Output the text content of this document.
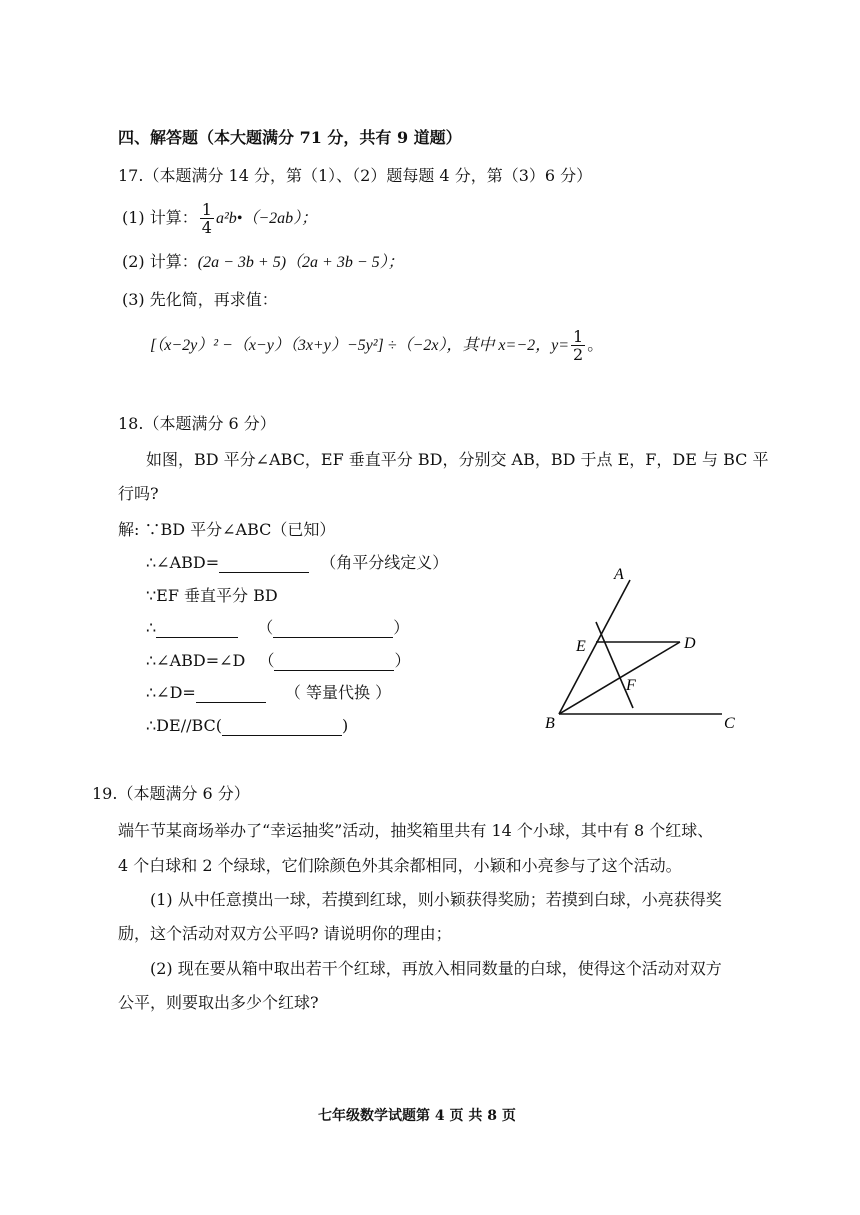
四、解答题（本大题满分 71 分，共有 9 道题）
17.（本题满分 14 分，第（1）、（2）题每题 4 分，第（3）6 分）
(1) 计算： $\frac{1}{4}$ a²b•（−2ab）；
(2) 计算：(2a − 3b + 5)（2a + 3b − 5）；
(3) 先化简，再求值：
[（x−2y）² −（x−y）（3x+y）−5y²] ÷（−2x），其中 x=−2，$y= \frac{1}{2}$ 。
18.（本题满分 6 分）
如图，BD 平分∠ABC，EF 垂直平分 BD，分别交 AB，BD 于点 E，F，DE 与 BC 平
行吗?
解: ∵BD 平分∠ABC（已知）
∴∠ABD=	（角平分线定义）
∵EF 垂直平分 BD
∴	（	）
∴∠ABD=∠D （	）
∴∠D=	（ 等量代换 ）
∴DE//BC(	)
A
D
E
F
B	C
19.（本题满分 6 分）
端午节某商场举办了“幸运抽奖”活动，抽奖箱里共有 14 个小球，其中有 8 个红球、
4 个白球和 2 个绿球，它们除颜色外其余都相同，小颖和小亮参与了这个活动。
(1) 从中任意摸出一球，若摸到红球，则小颖获得奖励；若摸到白球，小亮获得奖
励，这个活动对双方公平吗? 请说明你的理由；
(2) 现在要从箱中取出若干个红球，再放入相同数量的白球，使得这个活动对双方
公平，则要取出多少个红球?
七年级数学试题第 4 页 共 8 页
